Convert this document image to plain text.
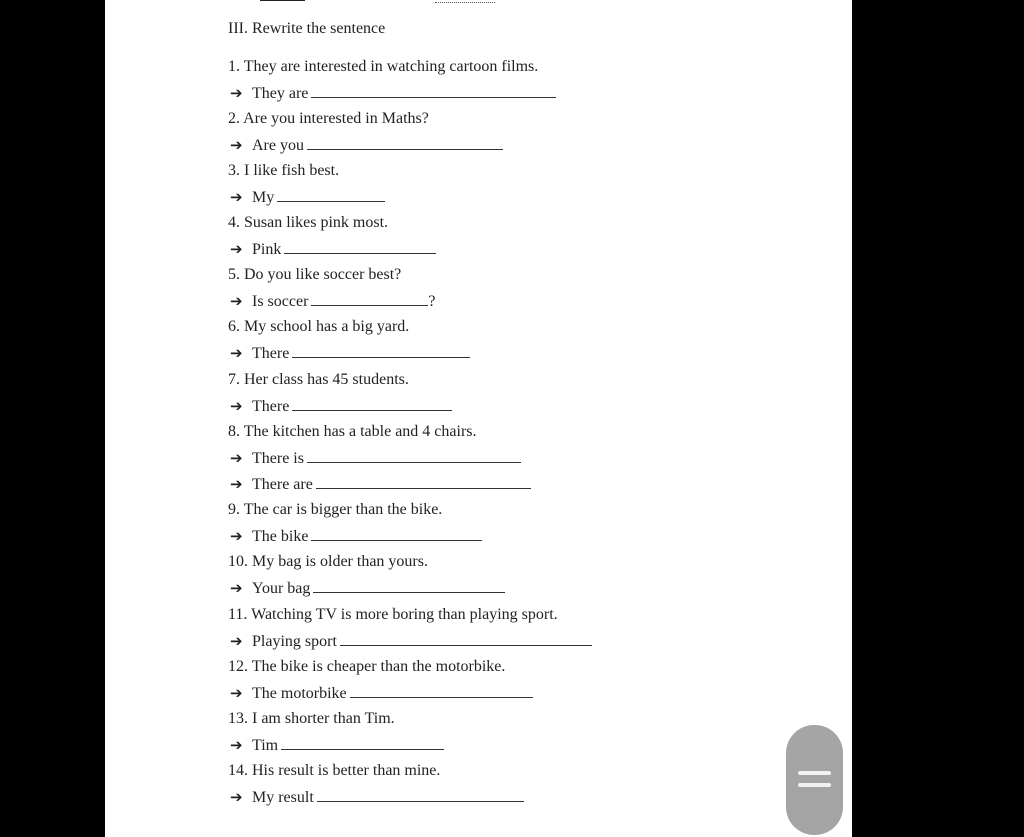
III. Rewrite the sentence
1. They are interested in watching cartoon films.
➔ They are
2. Are you interested in Maths?
➔ Are you
3. I like fish best.
➔ My
4. Susan likes pink most.
➔ Pink
5. Do you like soccer best?
➔ Is soccer	?
6. My school has a big yard.
➔ There
7. Her class has 45 students.
➔ There
8. The kitchen has a table and 4 chairs.
➔ There is
➔ There are
9. The car is bigger than the bike.
➔ The bike
10. My bag is older than yours.
➔ Your bag
11. Watching TV is more boring than playing sport.
➔ Playing sport
12. The bike is cheaper than the motorbike.
➔ The motorbike
13. I am shorter than Tim.
➔ Tim
14. His result is better than mine.
➔ My result
